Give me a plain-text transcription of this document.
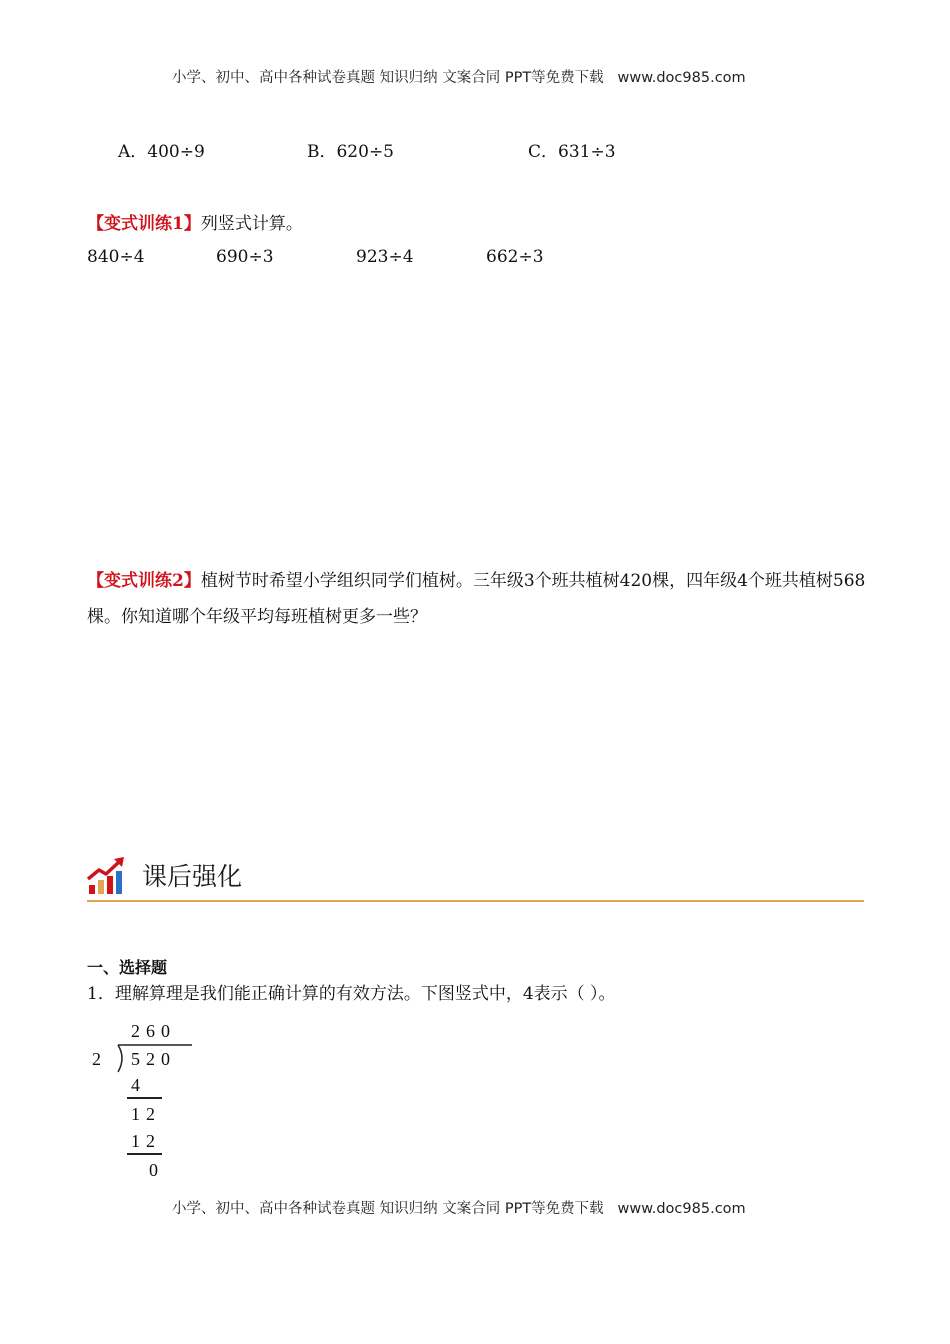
小学、初中、高中各种试卷真题 知识归纳 文案合同 PPT等免费下载 www.doc985.com
A．400÷9	B．620÷5	C．631÷3
【变式训练1】列竖式计算。
840÷4	690÷3	923÷4	662÷3
【变式训练2】植树节时希望小学组织同学们植树。三年级3个班共植树420棵，四年级4个班共植树568棵。你知道哪个年级平均每班植树更多一些？
课后强化
一、选择题
1．理解算理是我们能正确计算的有效方法。下图竖式中，4表示（ ）。
260
2 520
4
12
12
0
小学、初中、高中各种试卷真题 知识归纳 文案合同 PPT等免费下载 www.doc985.com
